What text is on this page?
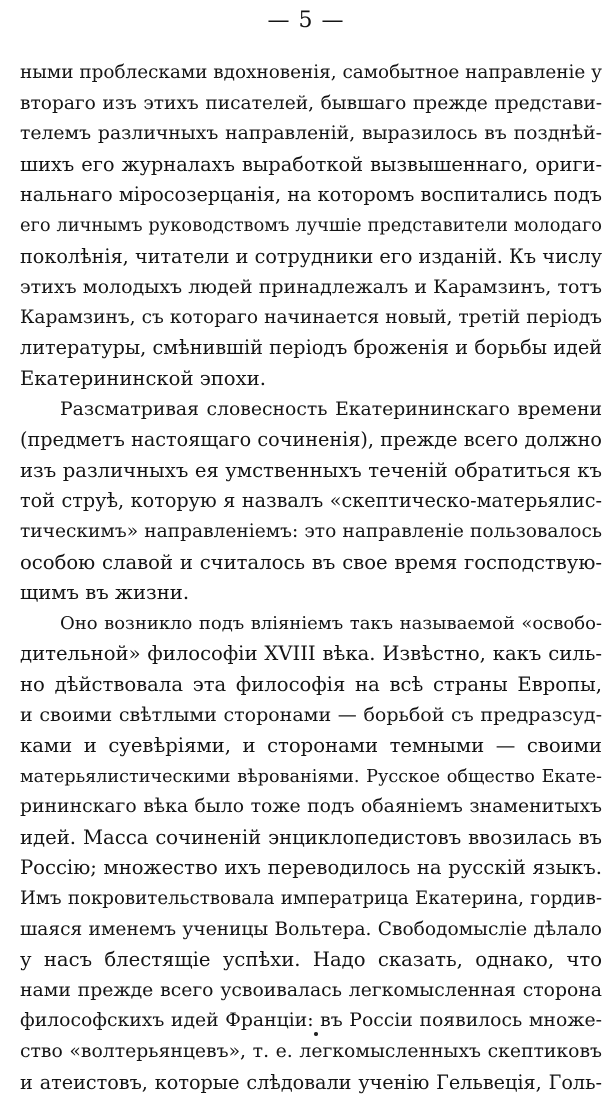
— 5 —
ными проблесками вдохновенія, самобытное направленіе у
втораго изъ этихъ писателей, бывшаго прежде представи-
телемъ различныхъ направленій, выразилось въ позднѣй-
шихъ его журналахъ выработкой вызвышеннаго, ориги-
нальнаго міросозерцанія, на которомъ воспитались подъ
его личнымъ руководствомъ лучшіе представители молодаго
поколѣнія, читатели и сотрудники его изданій. Къ числу
этихъ молодыхъ людей принадлежалъ и Карамзинъ, тотъ
Карамзинъ, съ котораго начинается новый, третій періодъ
литературы, смѣнившій періодъ броженія и борьбы идей
Екатерининской эпохи.
Разсматривая словесность Екатерининскаго времени
(предметъ настоящаго сочиненія), прежде всего должно
изъ различныхъ ея умственныхъ теченій обратиться къ
той струѣ, которую я назвалъ «скептическо-матерьялис-
тическимъ» направленіемъ: это направленіе пользовалось
особою славой и считалось въ свое время господствую-
щимъ въ жизни.
Оно возникло подъ вліяніемъ такъ называемой «освобо-
дительной» философіи XVIII вѣка. Извѣстно, какъ силь-
но дѣйствовала эта философія на всѣ страны Европы,
и своими свѣтлыми сторонами — борьбой съ предразсуд-
ками и суевѣріями, и сторонами темными — своими
матерьялистическими вѣрованіями. Русское общество Екате-
рининскаго вѣка было тоже подъ обаяніемъ знаменитыхъ
идей. Масса сочиненій энциклопедистовъ ввозилась въ
Россію; множество ихъ переводилось на русскій языкъ.
Имъ покровительствовала императрица Екатерина, гордив-
шаяся именемъ ученицы Вольтера. Свободомысліе дѣлало
у насъ блестящіе успѣхи. Надо сказать, однако, что
нами прежде всего усвоивалась легкомысленная сторона
философскихъ идей Франціи: въ Россіи появилось множе-
ство «волтерьянцевъ», т. е. легкомысленныхъ скептиковъ
и атеистовъ, которые слѣдовали ученію Гельвеція, Голь-
